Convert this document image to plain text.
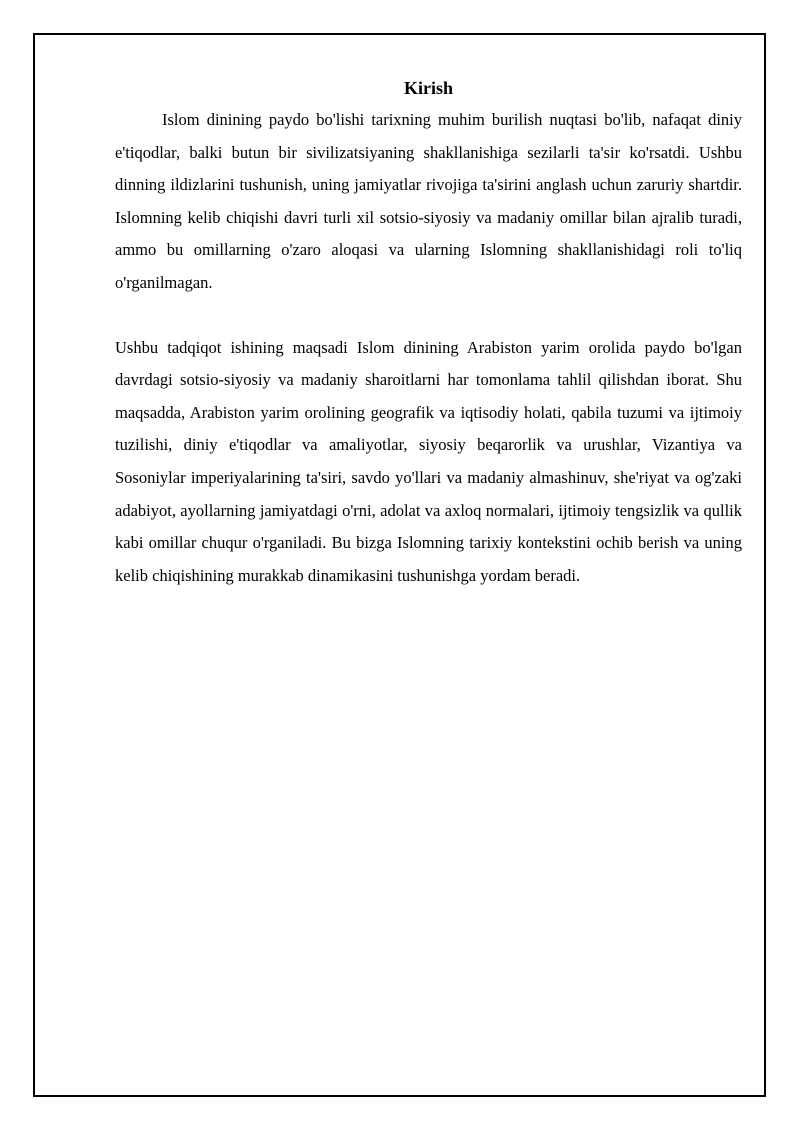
Kirish

Islom dinining paydo bo'lishi tarixning muhim burilish nuqtasi bo'lib, nafaqat diniy e'tiqodlar, balki butun bir sivilizatsiyaning shakllanishiga sezilarli ta'sir ko'rsatdi. Ushbu dinning ildizlarini tushunish, uning jamiyatlar rivojiga ta'sirini anglash uchun zaruriy shartdir. Islomning kelib chiqishi davri turli xil sotsio-siyosiy va madaniy omillar bilan ajralib turadi, ammo bu omillarning o'zaro aloqasi va ularning Islomning shakllanishidagi roli to'liq o'rganilmagan.

Ushbu tadqiqot ishining maqsadi Islom dinining Arabiston yarim orolida paydo bo'lgan davrdagi sotsio-siyosiy va madaniy sharoitlarni har tomonlama tahlil qilishdan iborat. Shu maqsadda, Arabiston yarim orolining geografik va iqtisodiy holati, qabila tuzumi va ijtimoiy tuzilishi, diniy e'tiqodlar va amaliyotlar, siyosiy beqarorlik va urushlar, Vizantiya va Sosoniylar imperiyalarining ta'siri, savdo yo'llari va madaniy almashinuv, she'riyat va og'zaki adabiyot, ayollarning jamiyatdagi o'rni, adolat va axloq normalari, ijtimoiy tengsizlik va qullik kabi omillar chuqur o'rganiladi. Bu bizga Islomning tarixiy kontekstini ochib berish va uning kelib chiqishining murakkab dinamikasini tushunishga yordam beradi.
